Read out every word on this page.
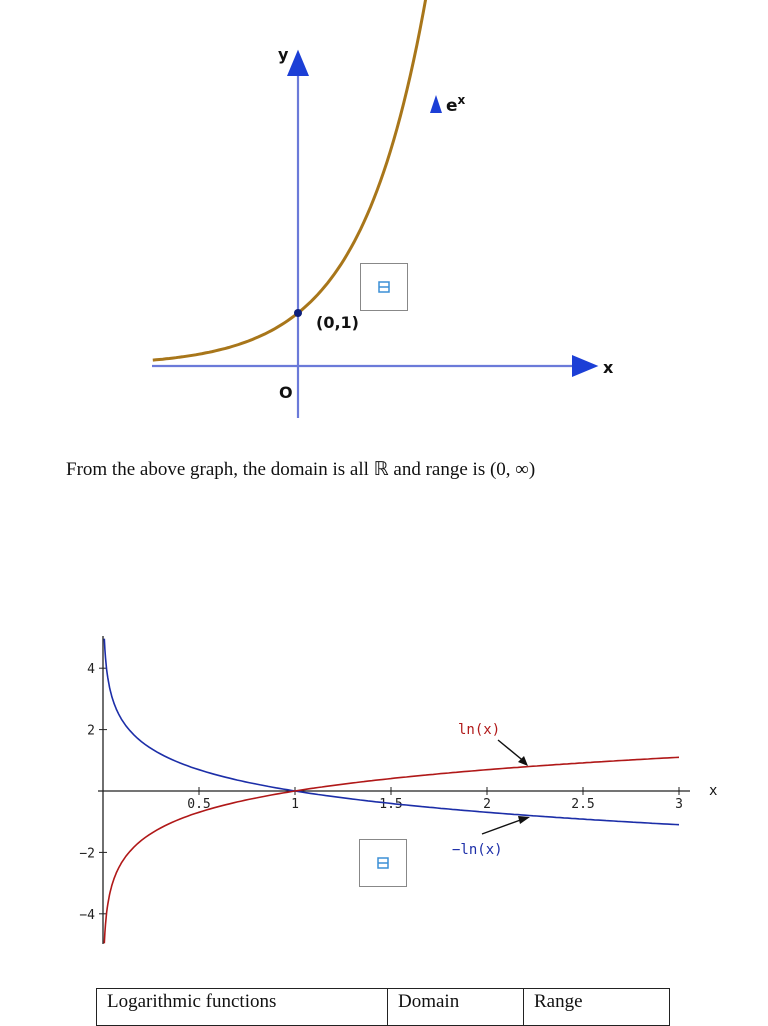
y
x
O
(0,1)
$e^x$
From the above graph, the domain is all ℝ and range is (0, ∞)
0.5	1	1.5	2	2.5	3
4
2
−2
−4
x
ln(x)
−ln(x)
Logarithmic functions	Domain	Range
